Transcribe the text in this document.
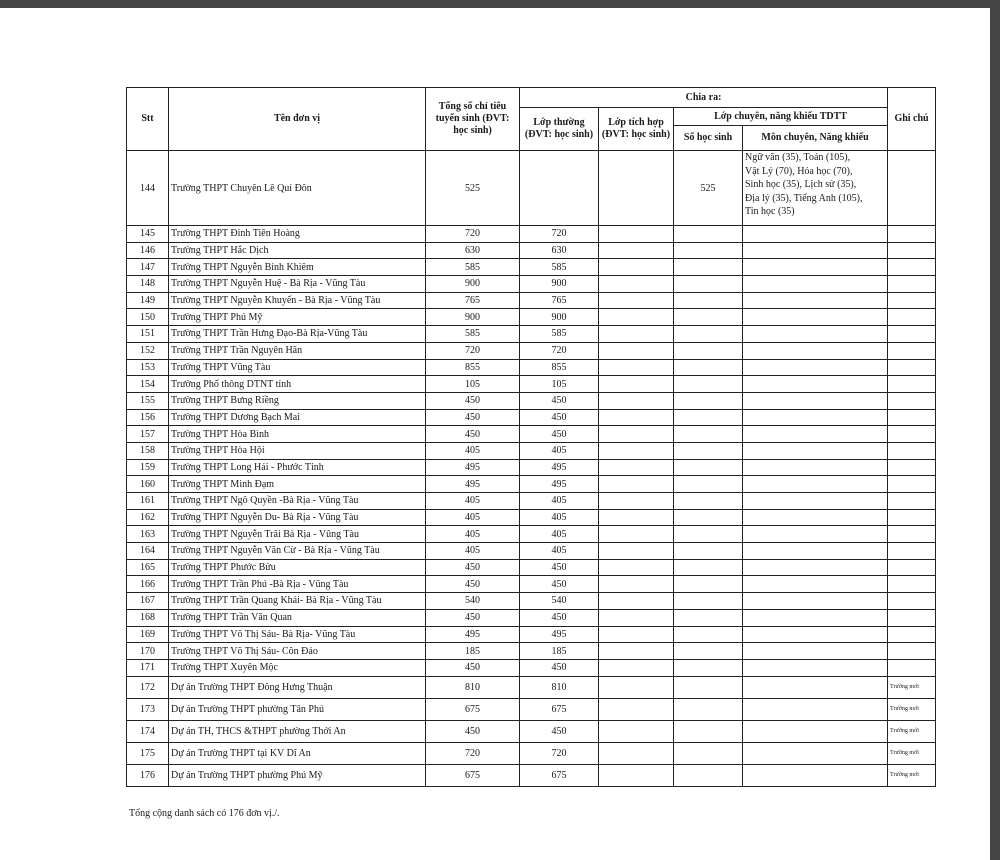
Stt	Tên đơn vị	Tổng số chỉ tiêu tuyển sinh (ĐVT: học sinh)	Chia ra:				Ghi chú
			Lớp thường (ĐVT: học sinh)	Lớp tích hợp (ĐVT: học sinh)	Lớp chuyên, năng khiếu TDTT		
					Số học sinh	Môn chuyên, Năng khiếu	
144	Trường THPT Chuyên Lê Quí Đôn	525			525	Ngữ văn (35), Toán (105),
Vật Lý (70), Hóa học (70),
Sinh học (35), Lịch sử (35),
Địa lý (35), Tiếng Anh (105),
Tin học (35)	

145	Trường THPT Đinh Tiên Hoàng	720	720				
146	Trường THPT Hắc Dịch	630	630				
147	Trường THPT Nguyễn Bỉnh Khiêm	585	585				
148	Trường THPT Nguyễn Huệ - Bà Rịa - Vũng Tàu	900	900				
149	Trường THPT Nguyễn Khuyến - Bà Rịa - Vũng Tàu	765	765				
150	Trường THPT Phú Mỹ	900	900				
151	Trường THPT Trần Hưng Đạo-Bà Rịa-Vũng Tàu	585	585				
152	Trường THPT Trần Nguyên Hãn	720	720				
153	Trường THPT Vũng Tàu	855	855				
154	Trường Phổ thông DTNT tỉnh	105	105				
155	Trường THPT Bưng Riềng	450	450				
156	Trường THPT Dương Bạch Mai	450	450				
157	Trường THPT Hòa Bình	450	450				
158	Trường THPT Hòa Hội	405	405				
159	Trường THPT Long Hải - Phước Tỉnh	495	495				
160	Trường THPT Minh Đạm	495	495				
161	Trường THPT Ngô Quyền -Bà Rịa - Vũng Tàu	405	405				
162	Trường THPT Nguyễn Du- Bà Rịa - Vũng Tàu	405	405				
163	Trường THPT Nguyễn Trãi Bà Rịa - Vũng Tàu	405	405				
164	Trường THPT Nguyễn Văn Cừ - Bà Rịa - Vũng Tàu	405	405				
165	Trường THPT Phước Bửu	450	450				
166	Trường THPT Trần Phú -Bà Rịa - Vũng Tàu	450	450				
167	Trường THPT Trần Quang Khải- Bà Rịa - Vũng Tàu	540	540				
168	Trường THPT Trần Văn Quan	450	450				
169	Trường THPT Võ Thị Sáu- Bà Rịa- Vũng Tàu	495	495				
170	Trường THPT Võ Thị Sáu- Côn Đảo	185	185				
171	Trường THPT Xuyên Mộc	450	450				
172	Dự án Trường THPT Đông Hưng Thuận	810	810				Trường mới
173	Dự án Trường THPT phường Tân Phú	675	675				Trường mới
174	Dự án TH, THCS &THPT phường Thới An	450	450				Trường mới
175	Dự án Trường THPT tại KV Dĩ An	720	720				Trường mới
176	Dự án Trường THPT phường Phú Mỹ	675	675				Trường mới
Tổng cộng danh sách có 176 đơn vị./.
